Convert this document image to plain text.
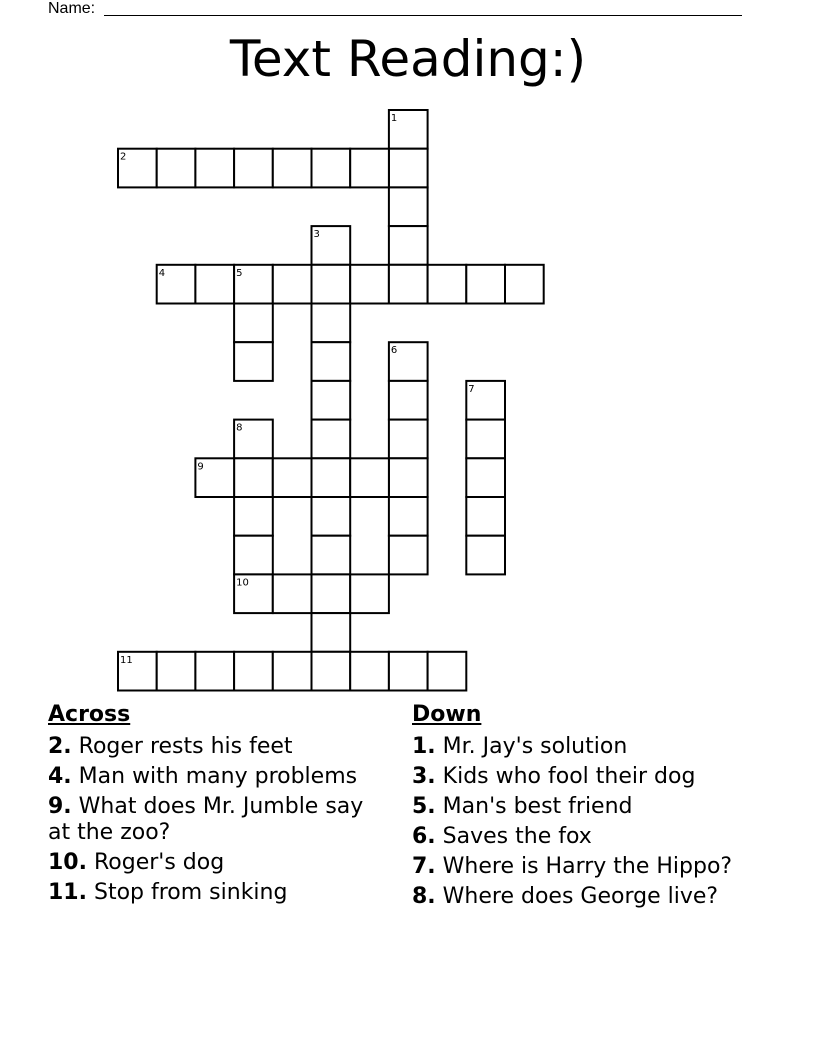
Name:
Text Reading:)
1
2
3
4	5
6
7
8
9
10
11
Across
2. Roger rests his feet
4. Man with many problems
9. What does Mr. Jumble say at the zoo?
10. Roger's dog
11. Stop from sinking
Down
1. Mr. Jay's solution
3. Kids who fool their dog
5. Man's best friend
6. Saves the fox
7. Where is Harry the Hippo?
8. Where does George live?
